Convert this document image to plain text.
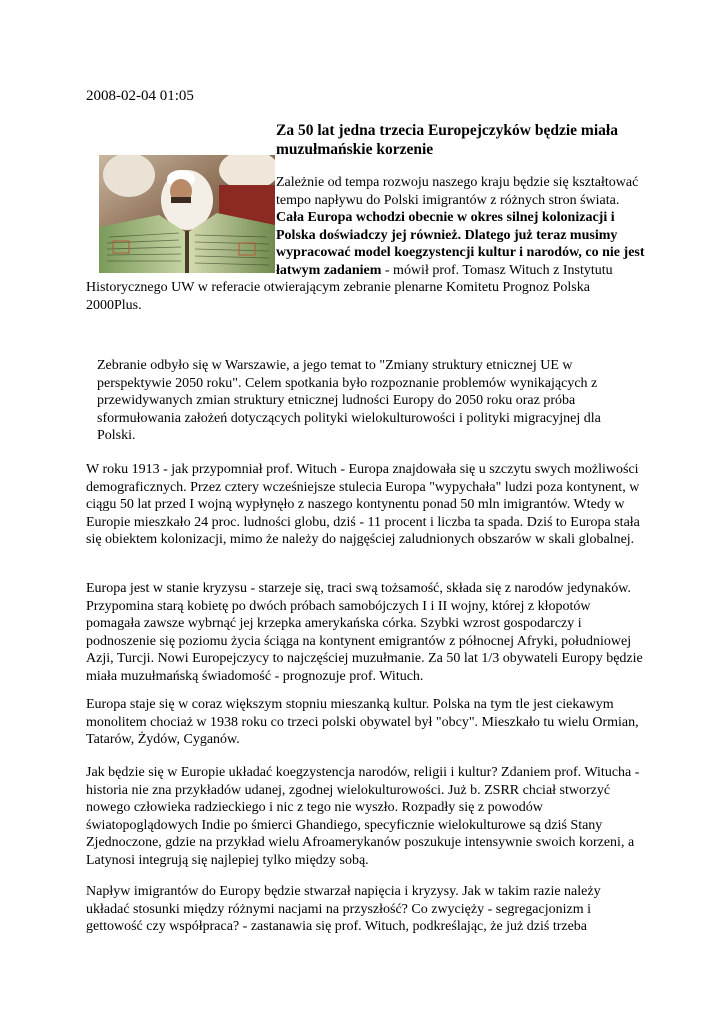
2008-02-04 01:05
Za 50 lat jedna trzecia Europejczyków będzie miała muzułmańskie korzenie
Zależnie od tempa rozwoju naszego kraju będzie się kształtować tempo napływu do Polski imigrantów z różnych stron świata. Cała Europa wchodzi obecnie w okres silnej kolonizacji i Polska doświadczy jej również. Dlatego już teraz musimy wypracować model koegzystencji kultur i narodów, co nie jest łatwym zadaniem - mówił prof. Tomasz Wituch z Instytutu Historycznego UW w referacie otwierającym zebranie plenarne Komitetu Prognoz Polska 2000Plus.
Zebranie odbyło się w Warszawie, a jego temat to "Zmiany struktury etnicznej UE w perspektywie 2050 roku". Celem spotkania było rozpoznanie problemów wynikających z przewidywanych zmian struktury etnicznej ludności Europy do 2050 roku oraz próba sformułowania założeń dotyczących polityki wielokulturowości i polityki migracyjnej dla Polski.
W roku 1913 - jak przypomniał prof. Wituch - Europa znajdowała się u szczytu swych możliwości demograficznych. Przez cztery wcześniejsze stulecia Europa "wypychała" ludzi poza kontynent, w ciągu 50 lat przed I wojną wypłynęło z naszego kontynentu ponad 50 mln imigrantów. Wtedy w Europie mieszkało 24 proc. ludności globu, dziś - 11 procent i liczba ta spada. Dziś to Europa stała się obiektem kolonizacji, mimo że należy do najgęściej zaludnionych obszarów w skali globalnej.
Europa jest w stanie kryzysu - starzeje się, traci swą tożsamość, składa się z narodów jedynaków. Przypomina starą kobietę po dwóch próbach samobójczych I i II wojny, której z kłopotów pomagała zawsze wybrnąć jej krzepka amerykańska córka. Szybki wzrost gospodarczy i podnoszenie się poziomu życia ściąga na kontynent emigrantów z północnej Afryki, południowej Azji, Turcji. Nowi Europejczycy to najczęściej muzułmanie. Za 50 lat 1/3 obywateli Europy będzie miała muzułmańską świadomość - prognozuje prof. Wituch.
Europa staje się w coraz większym stopniu mieszanką kultur. Polska na tym tle jest ciekawym monolitem chociaż w 1938 roku co trzeci polski obywatel był "obcy". Mieszkało tu wielu Ormian, Tatarów, Żydów, Cyganów.
Jak będzie się w Europie układać koegzystencja narodów, religii i kultur? Zdaniem prof. Witucha - historia nie zna przykładów udanej, zgodnej wielokulturowości. Już b. ZSRR chciał stworzyć nowego człowieka radzieckiego i nic z tego nie wyszło. Rozpadły się z powodów światopoglądowych Indie po śmierci Ghandiego, specyficznie wielokulturowe są dziś Stany Zjednoczone, gdzie na przykład wielu Afroamerykanów poszukuje intensywnie swoich korzeni, a Latynosi integrują się najlepiej tylko między sobą.
Napływ imigrantów do Europy będzie stwarzał napięcia i kryzysy. Jak w takim razie należy układać stosunki między różnymi nacjami na przyszłość? Co zwycięży - segregacjonizm i gettowość czy współpraca? - zastanawia się prof. Wituch, podkreślając, że już dziś trzeba
